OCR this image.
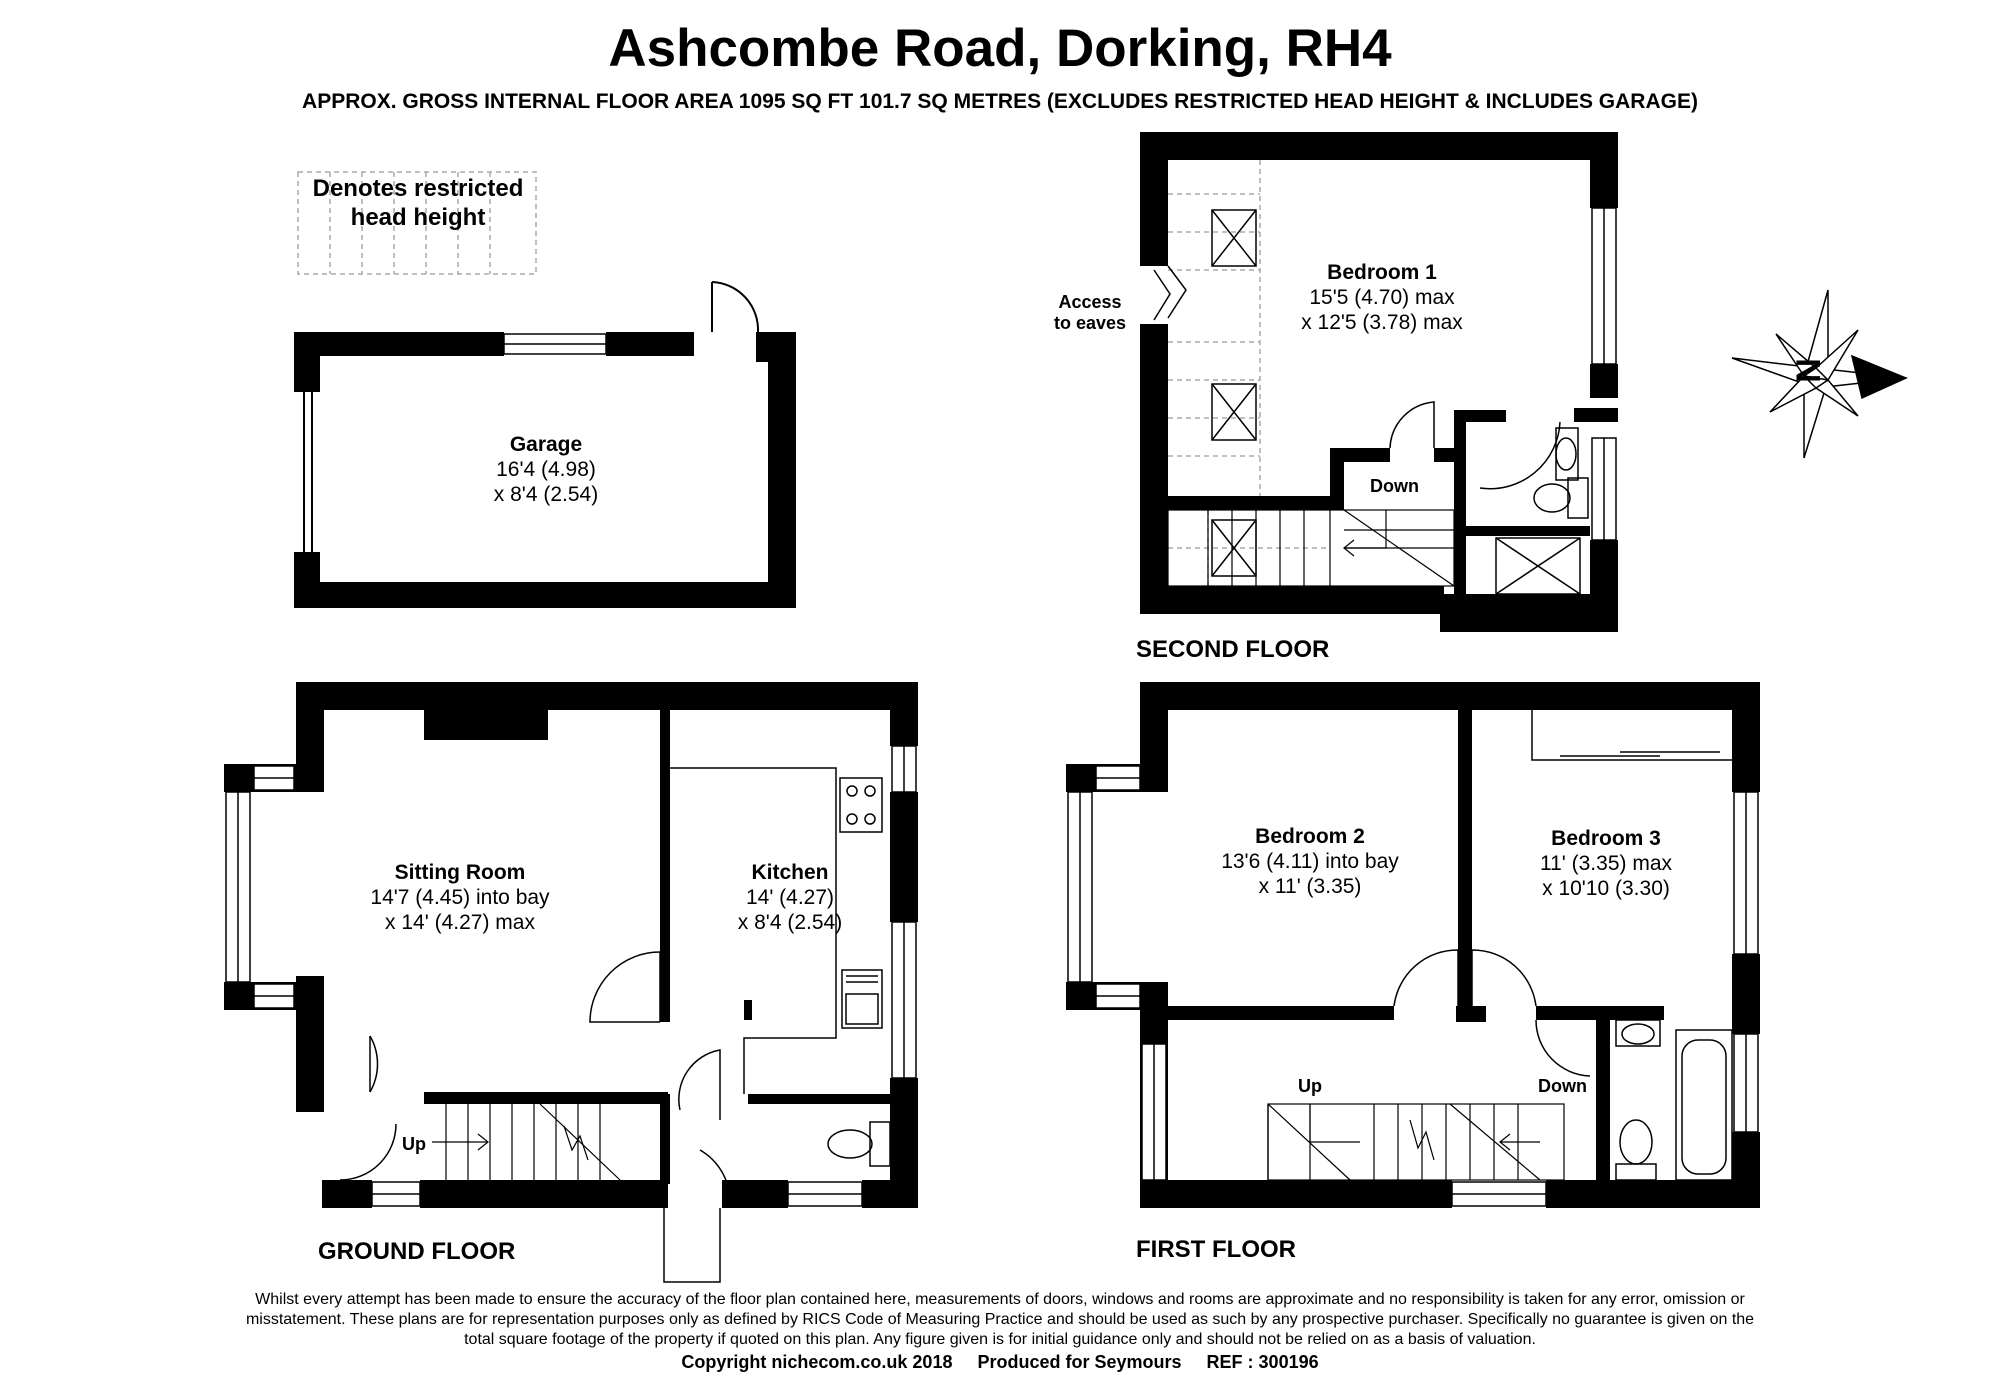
Ashcombe Road, Dorking, RH4
APPROX. GROSS INTERNAL FLOOR AREA 1095 SQ FT 101.7 SQ METRES (EXCLUDES RESTRICTED HEAD HEIGHT & INCLUDES GARAGE)
Denotes restricted
head height
N
Garage
16'4 (4.98)
x 8'4 (2.54)
Sitting Room
14'7 (4.45) into bay
x 14' (4.27) max
Kitchen
14' (4.27)
x 8'4 (2.54)
Bedroom 1
15'5 (4.70) max
x 12'5 (3.78) max
Bedroom 2
13'6 (4.11) into bay
x 11' (3.35)
Bedroom 3
11' (3.35) max
x 10'10 (3.30)
Access
to eaves
Down
Up
Up	Down
GROUND FLOOR	FIRST FLOOR
SECOND FLOOR
Whilst every attempt has been made to ensure the accuracy of the floor plan contained here, measurements of doors, windows and rooms are approximate and no responsibility is taken for any error, omission or misstatement. These plans are for representation purposes only as defined by RICS Code of Measuring Practice and should be used as such by any prospective purchaser. Specifically no guarantee is given on the total square footage of the property if quoted on this plan. Any figure given is for initial guidance only and should not be relied on as a basis of valuation.
Copyright nichecom.co.uk 2018 Produced for Seymours REF : 300196
